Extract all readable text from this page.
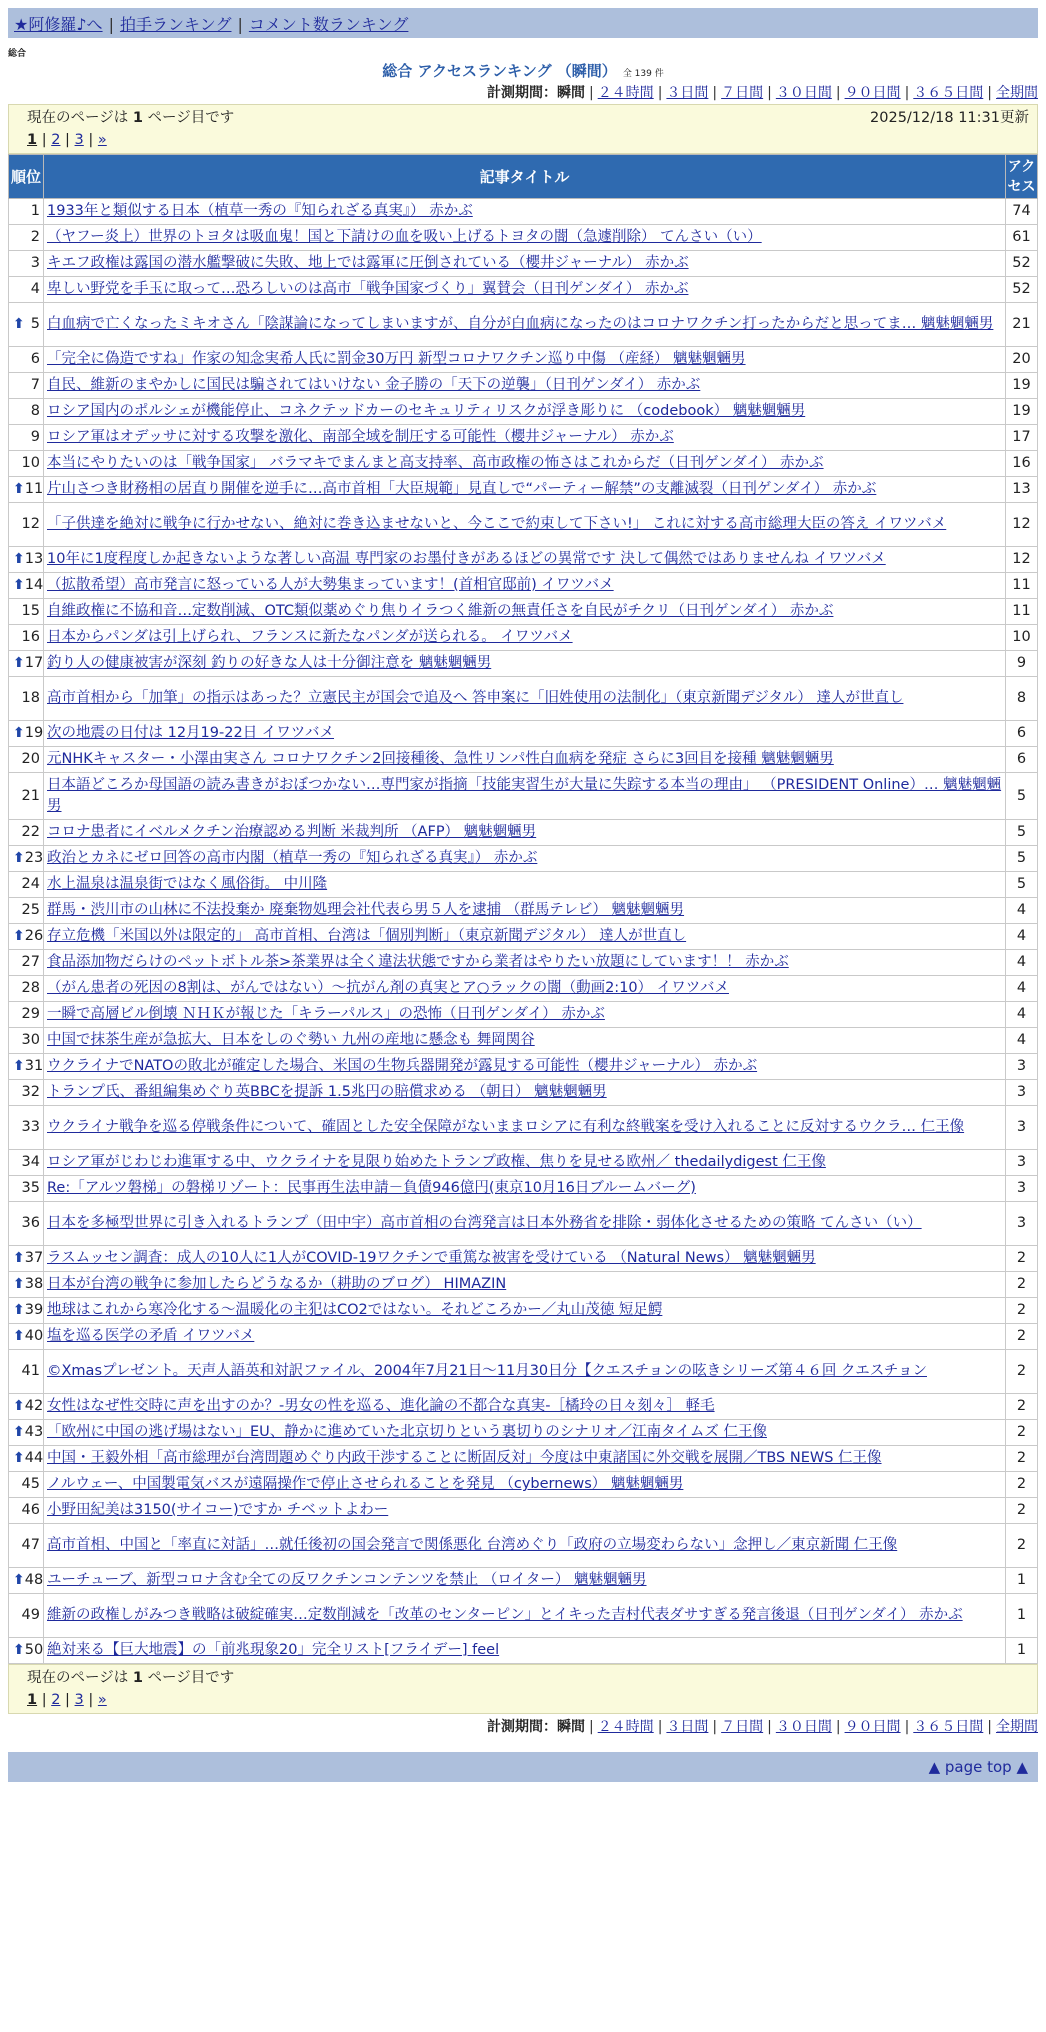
★阿修羅♪へ | 拍手ランキング | コメント数ランキング
総合
総合 アクセスランキング （瞬間） 全 139 件
計測期間：瞬間 | ２４時間 | ３日間 | ７日間 | ３０日間 | ９０日間 | ３６５日間 | 全期間
現在のページは 1 ページ目です	2025/12/18 11:31更新
1 | 2 | 3 | »
順位	記事タイトル	アクセス
1	1933年と類似する日本（植草一秀の『知られざる真実』） 赤かぶ	74
2	（ヤフー炎上）世界のトヨタは吸血鬼！国と下請けの血を吸い上げるトヨタの闇（急遽削除） てんさい（い）	61
3	キエフ政権は露国の潜水艦撃破に失敗、地上では露軍に圧倒されている（櫻井ジャーナル） 赤かぶ	52
4	卑しい野党を手玉に取って…恐ろしいのは高市「戦争国家づくり」翼賛会（日刊ゲンダイ） 赤かぶ	52

⬆ 5	白血病で亡くなったミキオさん「陰謀論になってしまいますが、自分が白血病になったのはコロナワクチン打ったからだと思ってま… 魑魅魍魎男	21
6	「完全に偽造ですね」作家の知念実希人氏に罰金30万円 新型コロナワクチン巡り中傷 （産経） 魑魅魍魎男	20
7	自民、維新のまやかしに国民は騙されてはいけない 金子勝の「天下の逆襲」（日刊ゲンダイ） 赤かぶ	19
8	ロシア国内のポルシェが機能停止、コネクテッドカーのセキュリティリスクが浮き彫りに （codebook） 魑魅魍魎男	19
9	ロシア軍はオデッサに対する攻撃を激化、南部全域を制圧する可能性（櫻井ジャーナル） 赤かぶ	17
10	本当にやりたいのは「戦争国家」 バラマキでまんまと高支持率、高市政権の怖さはこれからだ（日刊ゲンダイ） 赤かぶ	16

⬆ 11	片山さつき財務相の居直り開催を逆手に…高市首相「大臣規範」見直しで“パーティー解禁”の支離滅裂（日刊ゲンダイ） 赤かぶ	13
12	「子供達を絶対に戦争に行かせない、絶対に巻き込ませないと、今ここで約束して下さい!」 これに対する高市総理大臣の答え イワツバメ	12

⬆ 13	10年に1度程度しか起きないような著しい高温 専門家のお墨付きがあるほどの異常です 決して偶然ではありませんね イワツバメ	12

⬆ 14	（拡散希望）高市発言に怒っている人が大勢集まっています！(首相官邸前) イワツバメ	11
15	自維政権に不協和音…定数削減、OTC類似薬めぐり焦りイラつく維新の無責任さを自民がチクリ（日刊ゲンダイ） 赤かぶ	11
16	日本からパンダは引上げられ、フランスに新たなパンダが送られる。 イワツバメ	10

⬆ 17	釣り人の健康被害が深刻 釣りの好きな人は十分御注意を 魑魅魍魎男	9
18	高市首相から「加筆」の指示はあった？立憲民主が国会で追及へ 答申案に「旧姓使用の法制化」（東京新聞デジタル） 達人が世直し	8

⬆ 19	次の地震の日付は 12月19-22日 イワツバメ	6
20	元NHKキャスター・小澤由実さん コロナワクチン2回接種後、急性リンパ性白血病を発症 さらに3回目を接種 魑魅魍魎男	6
21	日本語どころか母国語の読み書きがおぼつかない…専門家が指摘「技能実習生が大量に失踪する本当の理由」 （PRESIDENT Online）… 魑魅魍魎男	5
22	コロナ患者にイベルメクチン治療認める判断 米裁判所 （AFP） 魑魅魍魎男	5

⬆ 23	政治とカネにゼロ回答の高市内閣（植草一秀の『知られざる真実』） 赤かぶ	5
24	水上温泉は温泉街ではなく風俗街。 中川隆	5
25	群馬・渋川市の山林に不法投棄か 廃棄物処理会社代表ら男５人を逮捕 （群馬テレビ） 魑魅魍魎男	4

⬆ 26	存立危機「米国以外は限定的」 高市首相、台湾は「個別判断」（東京新聞デジタル） 達人が世直し	4
27	食品添加物だらけのペットボトル茶>茶業界は全く違法状態ですから業者はやりたい放題にしています！！ 赤かぶ	4
28	（がん患者の死因の8割は、がんではない）～抗がん剤の真実とア○ラックの闇（動画2:10） イワツバメ	4
29	一瞬で高層ビル倒壊 ＮＨＫが報じた「キラーパルス」の恐怖（日刊ゲンダイ） 赤かぶ	4
30	中国で抹茶生産が急拡大、日本をしのぐ勢い 九州の産地に懸念も 舞岡関谷	4

⬆ 31	ウクライナでNATOの敗北が確定した場合、米国の生物兵器開発が露見する可能性（櫻井ジャーナル） 赤かぶ	3
32	トランプ氏、番組編集めぐり英BBCを提訴 1.5兆円の賠償求める （朝日） 魑魅魍魎男	3
33	ウクライナ戦争を巡る停戦条件について、確固とした安全保障がないままロシアに有利な終戦案を受け入れることに反対するウクラ… 仁王像	3
34	ロシア軍がじわじわ進軍する中、ウクライナを見限り始めたトランプ政権、焦りを見せる欧州／ thedailydigest 仁王像	3
35	Re:「アルツ磐梯」の磐梯リゾート：民事再生法申請－負債946億円(東京10月16日ブルームバーグ)	3
36	日本を多極型世界に引き入れるトランプ（田中宇）高市首相の台湾発言は日本外務省を排除・弱体化させるための策略 てんさい（い）	3

⬆ 37	ラスムッセン調査：成人の10人に1人がCOVID-19ワクチンで重篤な被害を受けている （Natural News） 魑魅魍魎男	2

⬆ 38	日本が台湾の戦争に参加したらどうなるか（耕助のブログ） HIMAZIN	2

⬆ 39	地球はこれから寒冷化する～温暖化の主犯はCO2ではない。それどころかー／丸山茂徳 短足鰐	2

⬆ 40	塩を巡る医学の矛盾 イワツバメ	2
41	©Xmasプレゼント。天声人語英和対訳ファイル、2004年7月21日～11月30日分【クエスチョンの呟きシリーズ第４６回 クエスチョン	2

⬆ 42	女性はなぜ性交時に声を出すのか？-男女の性を巡る、進化論の不都合な真実-［橘玲の日々刻々］ 軽毛	2

⬆ 43	「欧州に中国の逃げ場はない」EU、静かに進めていた北京切りという裏切りのシナリオ／江南タイムズ 仁王像	2

⬆ 44	中国・王毅外相「高市総理が台湾問題めぐり内政干渉することに断固反対」今度は中東諸国に外交戦を展開／TBS NEWS 仁王像	2
45	ノルウェー、中国製電気バスが遠隔操作で停止させられることを発見 （cybernews） 魑魅魍魎男	2
46	小野田紀美は3150(サイコー)ですか チベットよわー	2
47	高市首相、中国と「率直に対話」…就任後初の国会発言で関係悪化 台湾めぐり「政府の立場変わらない」念押し／東京新聞 仁王像	2

⬆ 48	ユーチューブ、新型コロナ含む全ての反ワクチンコンテンツを禁止 （ロイター） 魑魅魍魎男	1
49	維新の政権しがみつき戦略は破綻確実…定数削減を「改革のセンターピン」とイキった吉村代表ダサすぎる発言後退（日刊ゲンダイ） 赤かぶ	1

⬆ 50	絶対来る【巨大地震】の「前兆現象20」完全リスト[フライデー] feel	1
現在のページは 1 ページ目です
1 | 2 | 3 | »
計測期間：瞬間 | ２４時間 | ３日間 | ７日間 | ３０日間 | ９０日間 | ３６５日間 | 全期間
▲ page top ▲
